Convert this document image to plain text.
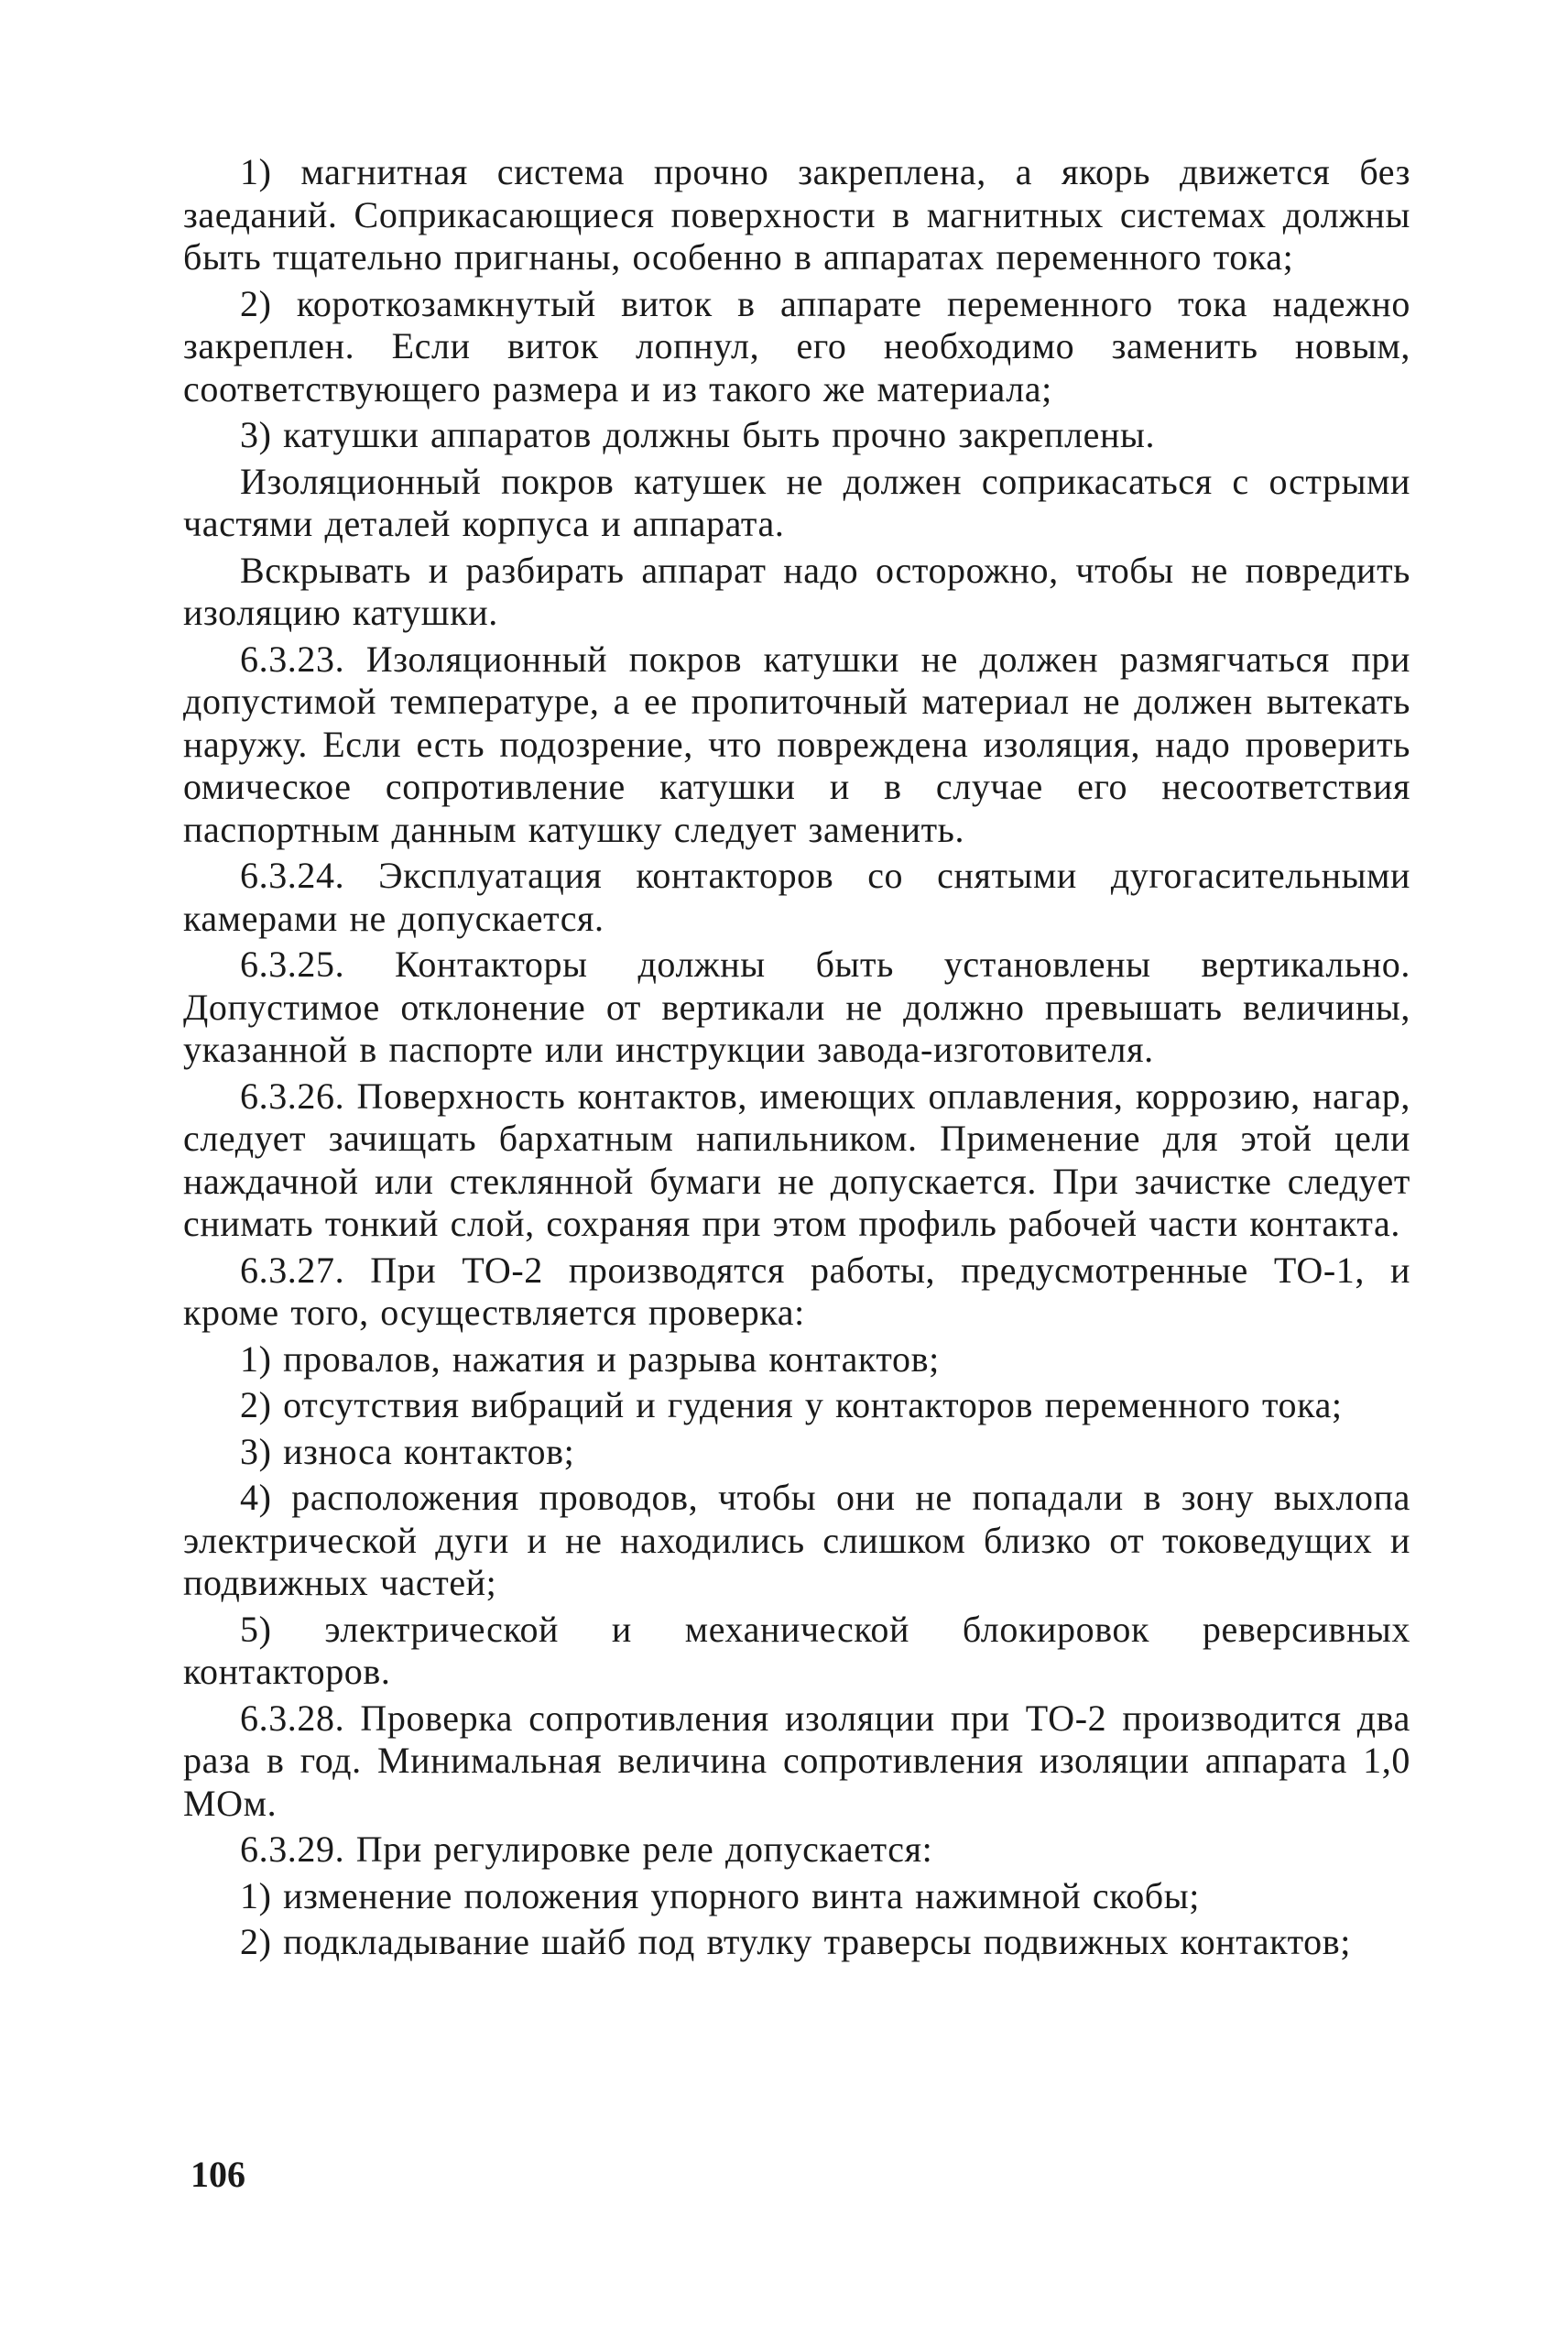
1) магнитная система прочно закреплена, а якорь движется без заеданий. Соприкасающиеся поверхности в магнитных системах должны быть тщательно пригнаны, особенно в аппаратах переменного тока;

2) короткозамкнутый виток в аппарате переменного тока надежно закреплен. Если виток лопнул, его необходимо заменить новым, соответствующего размера и из такого же материала;

3) катушки аппаратов должны быть прочно закреплены.

Изоляционный покров катушек не должен соприкасаться с острыми частями деталей корпуса и аппарата.

Вскрывать и разбирать аппарат надо осторожно, чтобы не повредить изоляцию катушки.

6.3.23. Изоляционный покров катушки не должен размягчаться при допустимой температуре, а ее пропиточный материал не должен вытекать наружу. Если есть подозрение, что повреждена изоляция, надо проверить омическое сопротивление катушки и в случае его несоответствия паспортным данным катушку следует заменить.

6.3.24. Эксплуатация контакторов со снятыми дугогасительными камерами не допускается.

6.3.25. Контакторы должны быть установлены вертикально. Допустимое отклонение от вертикали не должно превышать величины, указанной в паспорте или инструкции завода-изготовителя.

6.3.26. Поверхность контактов, имеющих оплавления, коррозию, нагар, следует зачищать бархатным напильником. Применение для этой цели наждачной или стеклянной бумаги не допускается. При зачистке следует снимать тонкий слой, сохраняя при этом профиль рабочей части контакта.

6.3.27. При ТО-2 производятся работы, предусмотренные ТО-1, и кроме того, осуществляется проверка:

1) провалов, нажатия и разрыва контактов;

2) отсутствия вибраций и гудения у контакторов переменного тока;

3) износа контактов;

4) расположения проводов, чтобы они не попадали в зону выхлопа электрической дуги и не находились слишком близко от токоведущих и подвижных частей;

5) электрической и механической блокировок реверсивных контакторов.

6.3.28. Проверка сопротивления изоляции при ТО-2 производится два раза в год. Минимальная величина сопротивления изоляции аппарата 1,0 МОм.

6.3.29. При регулировке реле допускается:

1) изменение положения упорного винта нажимной скобы;

2) подкладывание шайб под втулку траверсы подвижных контактов;

106
